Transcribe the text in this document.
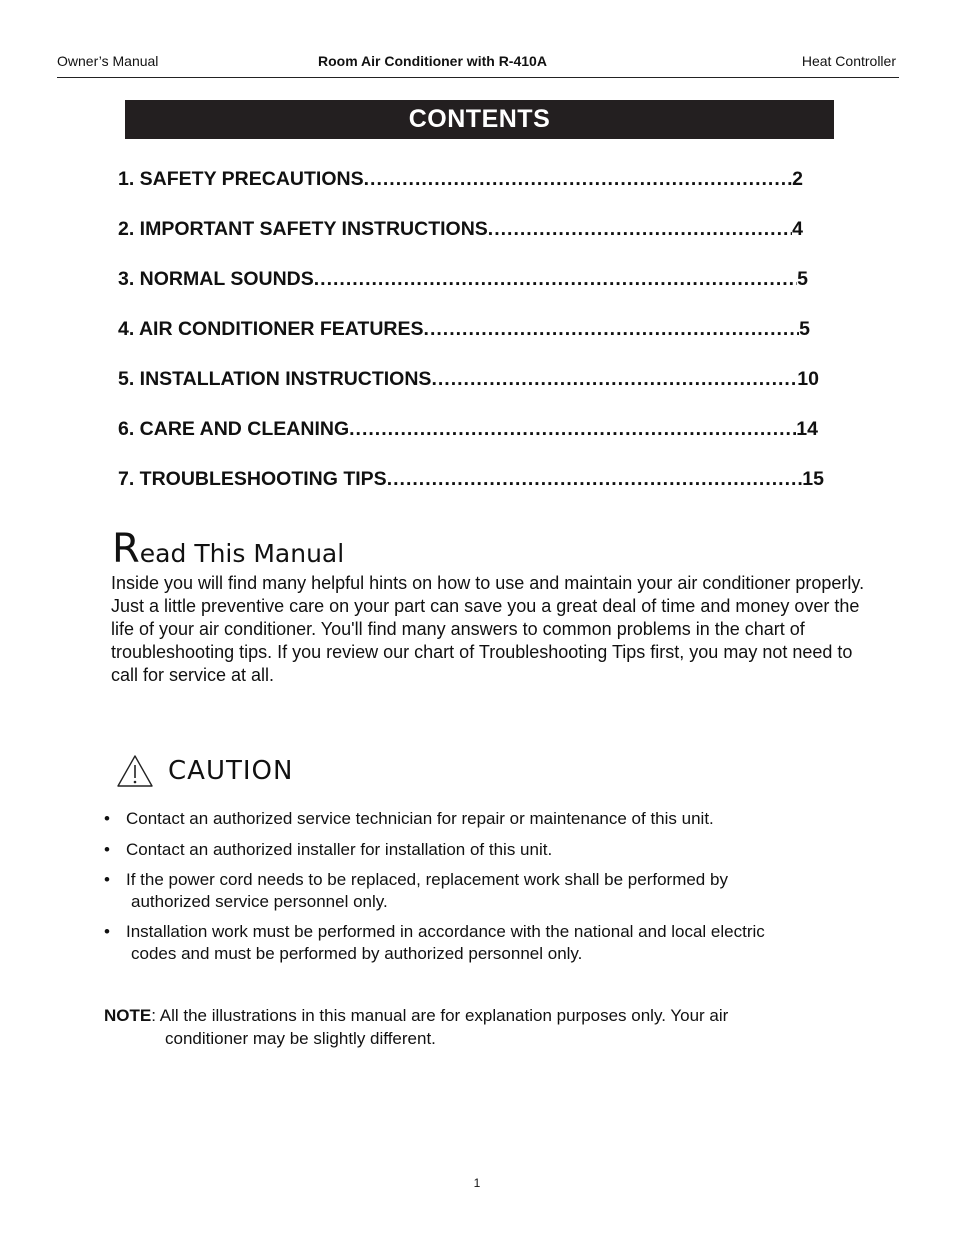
Owner’s Manual	Room Air Conditioner with R-410A	Heat Controller
CONTENTS
1. SAFETY PRECAUTIONS .....	2
2. IMPORTANT SAFETY INSTRUCTIONS .....	4
3. NORMAL SOUNDS .....	5
4. AIR CONDITIONER FEATURES .....	5
5. INSTALLATION INSTRUCTIONS .....	10
6. CARE AND CLEANING .....	14
7. TROUBLESHOOTING TIPS .....	15
Read This Manual
Inside you will find many helpful hints on how to use and maintain your air conditioner properly. Just a little preventive care on your part can save you a great deal of time and money over the life of your air conditioner. You'll find many answers to common problems in the chart of troubleshooting tips. If you review our chart of Troubleshooting Tips first, you may not need to call for service at all.
CAUTION
• Contact an authorized service technician for repair or maintenance of this unit.
• Contact an authorized installer for installation of this unit.
• If the power cord needs to be replaced, replacement work shall be performed by
authorized service personnel only.
• Installation work must be performed in accordance with the national and local electric
codes and must be performed by authorized personnel only.
NOTE: All the illustrations in this manual are for explanation purposes only. Your air
conditioner may be slightly different.
1
